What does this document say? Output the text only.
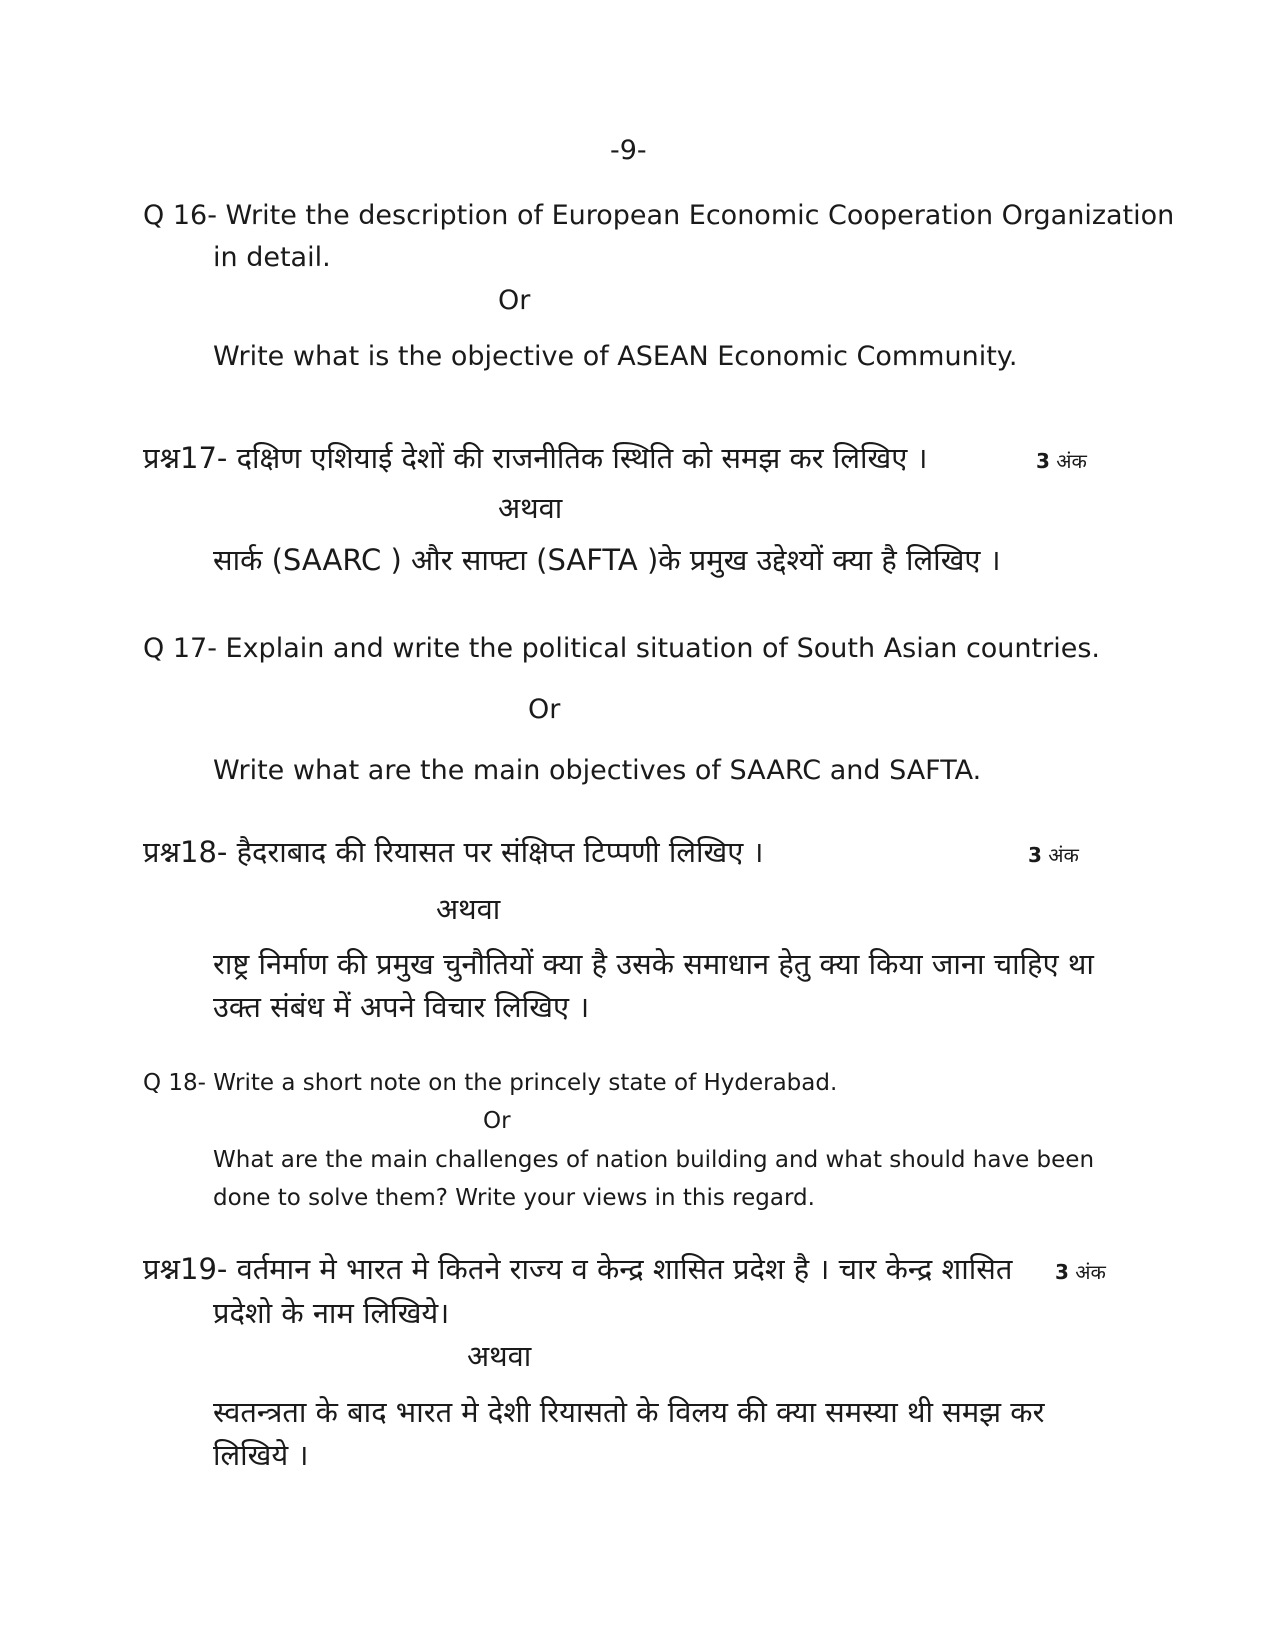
-9-
Q 16- Write the description of European Economic Cooperation Organization
in detail.
Or
Write what is the objective of ASEAN Economic Community.
प्रश्न17- दक्षिण एशियाई देशों की राजनीतिक स्थिति को समझ कर लिखिए ।	3 अंक
अथवा
सार्क (SAARC ) और साफ्टा (SAFTA )के प्रमुख उद्देश्यों क्या है लिखिए ।
Q 17- Explain and write the political situation of South Asian countries.
Or
Write what are the main objectives of SAARC and SAFTA.
प्रश्न18- हैदराबाद की रियासत पर संक्षिप्त टिप्पणी लिखिए ।	3 अंक
अथवा
राष्ट्र निर्माण की प्रमुख चुनौतियों क्या है उसके समाधान हेतु क्या किया जाना चाहिए था
उक्त संबंध में अपने विचार लिखिए ।
Q 18- Write a short note on the princely state of Hyderabad.
Or
What are the main challenges of nation building and what should have been
done to solve them? Write your views in this regard.
प्रश्न19- वर्तमान मे भारत मे कितने राज्य व केन्द्र शासित प्रदेश है । चार केन्द्र शासित 3 अंक
प्रदेशो के नाम लिखिये।
अथवा
स्वतन्त्रता के बाद भारत मे देशी रियासतो के विलय की क्या समस्या थी समझ कर
लिखिये ।
